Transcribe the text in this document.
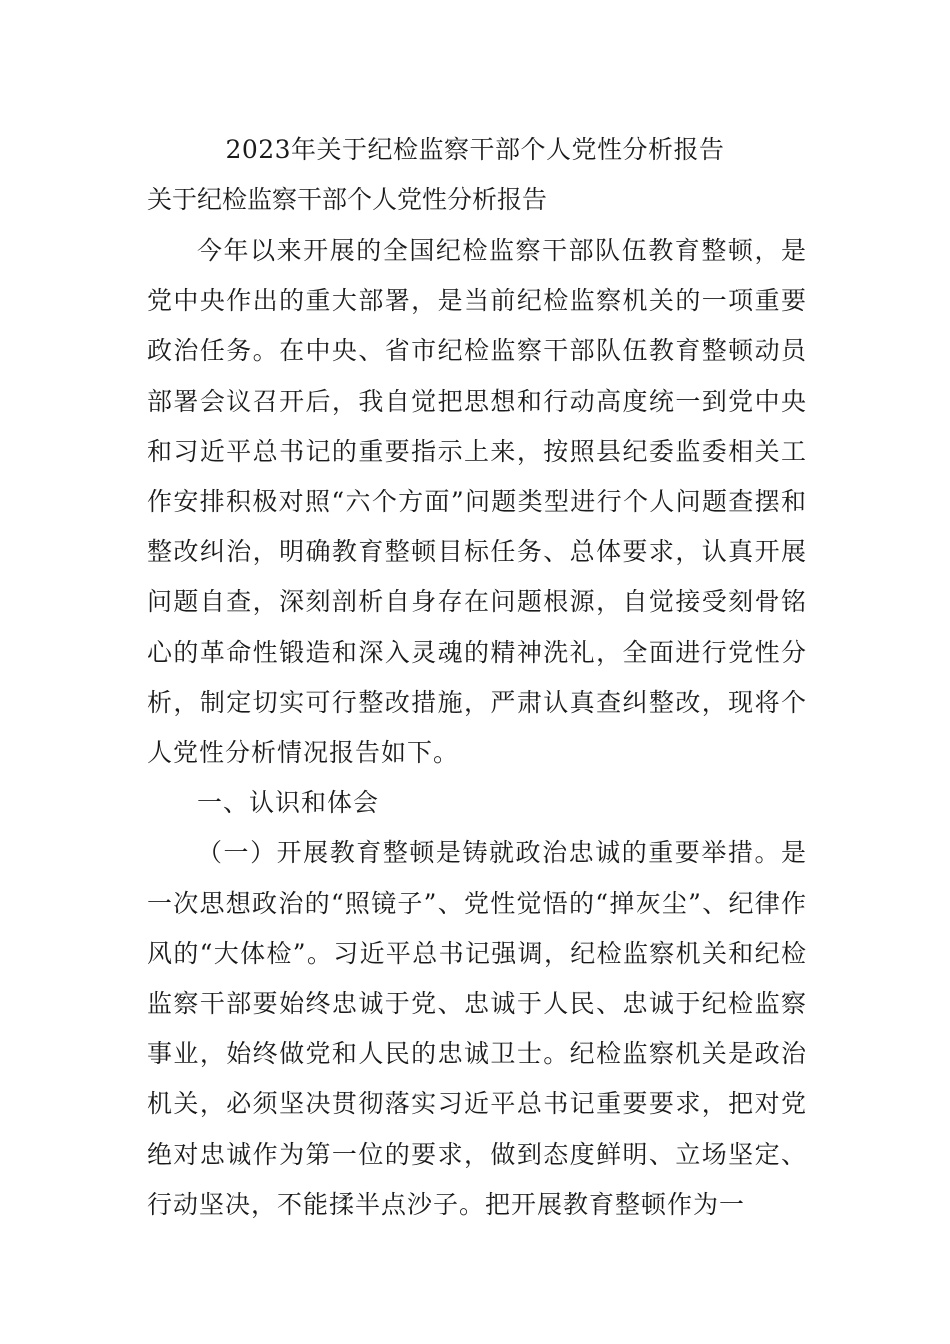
2023年关于纪检监察干部个人党性分析报告
关于纪检监察干部个人党性分析报告

今年以来开展的全国纪检监察干部队伍教育整顿，是党中央作出的重大部署，是当前纪检监察机关的一项重要政治任务。在中央、省市纪检监察干部队伍教育整顿动员部署会议召开后，我自觉把思想和行动高度统一到党中央和习近平总书记的重要指示上来，按照县纪委监委相关工作安排积极对照“六个方面”问题类型进行个人问题查摆和整改纠治，明确教育整顿目标任务、总体要求，认真开展问题自查，深刻剖析自身存在问题根源，自觉接受刻骨铭心的革命性锻造和深入灵魂的精神洗礼，全面进行党性分析，制定切实可行整改措施，严肃认真查纠整改，现将个人党性分析情况报告如下。

一、认识和体会

（一）开展教育整顿是铸就政治忠诚的重要举措。是一次思想政治的“照镜子”、党性觉悟的“掸灰尘”、纪律作风的“大体检”。习近平总书记强调，纪检监察机关和纪检监察干部要始终忠诚于党、忠诚于人民、忠诚于纪检监察事业，始终做党和人民的忠诚卫士。纪检监察机关是政治机关，必须坚决贯彻落实习近平总书记重要要求，把对党绝对忠诚作为第一位的要求，做到态度鲜明、立场坚定、行动坚决，不能揉半点沙子。把开展教育整顿作为一
